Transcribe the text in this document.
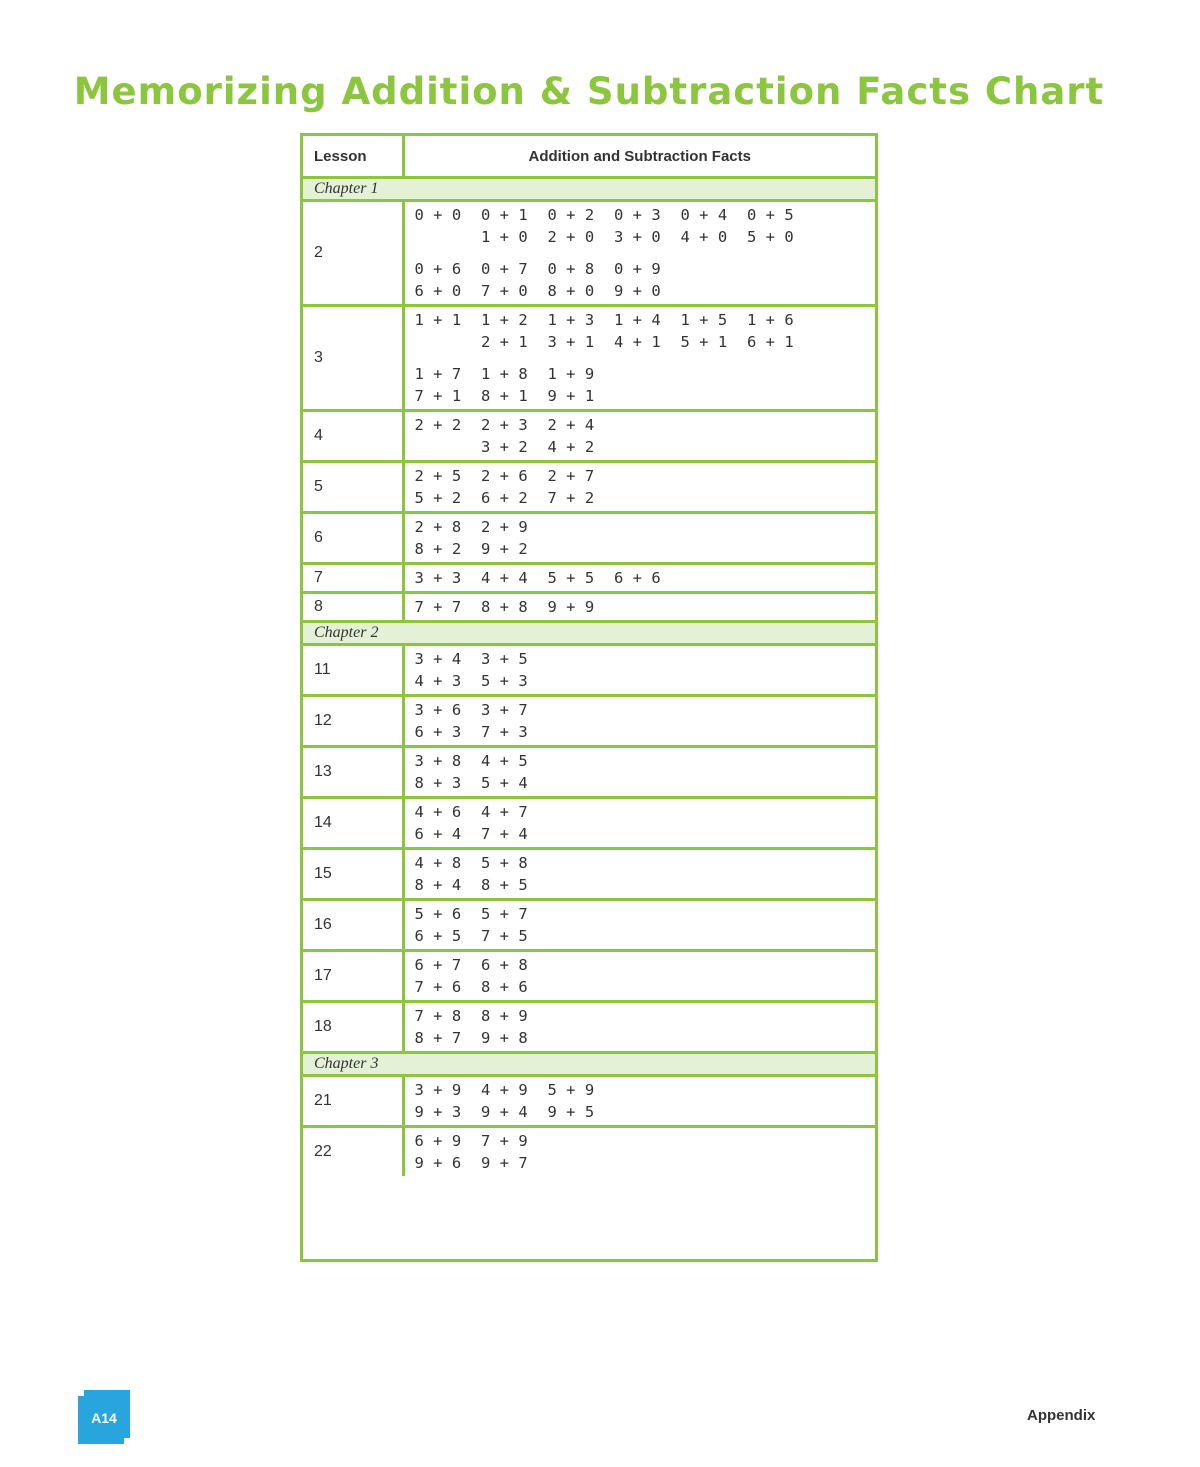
Memorizing Addition & Subtraction Facts Chart
Lesson	Addition and Subtraction Facts
Chapter 1	
2	0 + 0 0 + 1 0 + 2 0 + 3 0 + 4 0 + 5
1 + 0 2 + 0 3 + 0 4 + 0 5 + 0
0 + 6 0 + 7 0 + 8 0 + 9
6 + 0 7 + 0 8 + 0 9 + 0

3	1 + 1 1 + 2 1 + 3 1 + 4 1 + 5 1 + 6
2 + 1 3 + 1 4 + 1 5 + 1 6 + 1
1 + 7 1 + 8 1 + 9
7 + 1 8 + 1 9 + 1

4	2 + 2 2 + 3 2 + 4
3 + 2 4 + 2

5	2 + 5 2 + 6 2 + 7
5 + 2 6 + 2 7 + 2

6	2 + 8 2 + 9
8 + 2 9 + 2

7	3 + 3 4 + 4 5 + 5 6 + 6

8	7 + 7 8 + 8 9 + 9

Chapter 2	
11	3 + 4 3 + 5
4 + 3 5 + 3

12	3 + 6 3 + 7
6 + 3 7 + 3

13	3 + 8 4 + 5
8 + 3 5 + 4

14	4 + 6 4 + 7
6 + 4 7 + 4

15	4 + 8 5 + 8
8 + 4 8 + 5

16	5 + 6 5 + 7
6 + 5 7 + 5

17	6 + 7 6 + 8
7 + 6 8 + 6

18	7 + 8 8 + 9
8 + 7 9 + 8

Chapter 3	
21	3 + 9 4 + 9 5 + 9
9 + 3 9 + 4 9 + 5

22	6 + 9 7 + 9
9 + 6 9 + 7
A14	Appendix
